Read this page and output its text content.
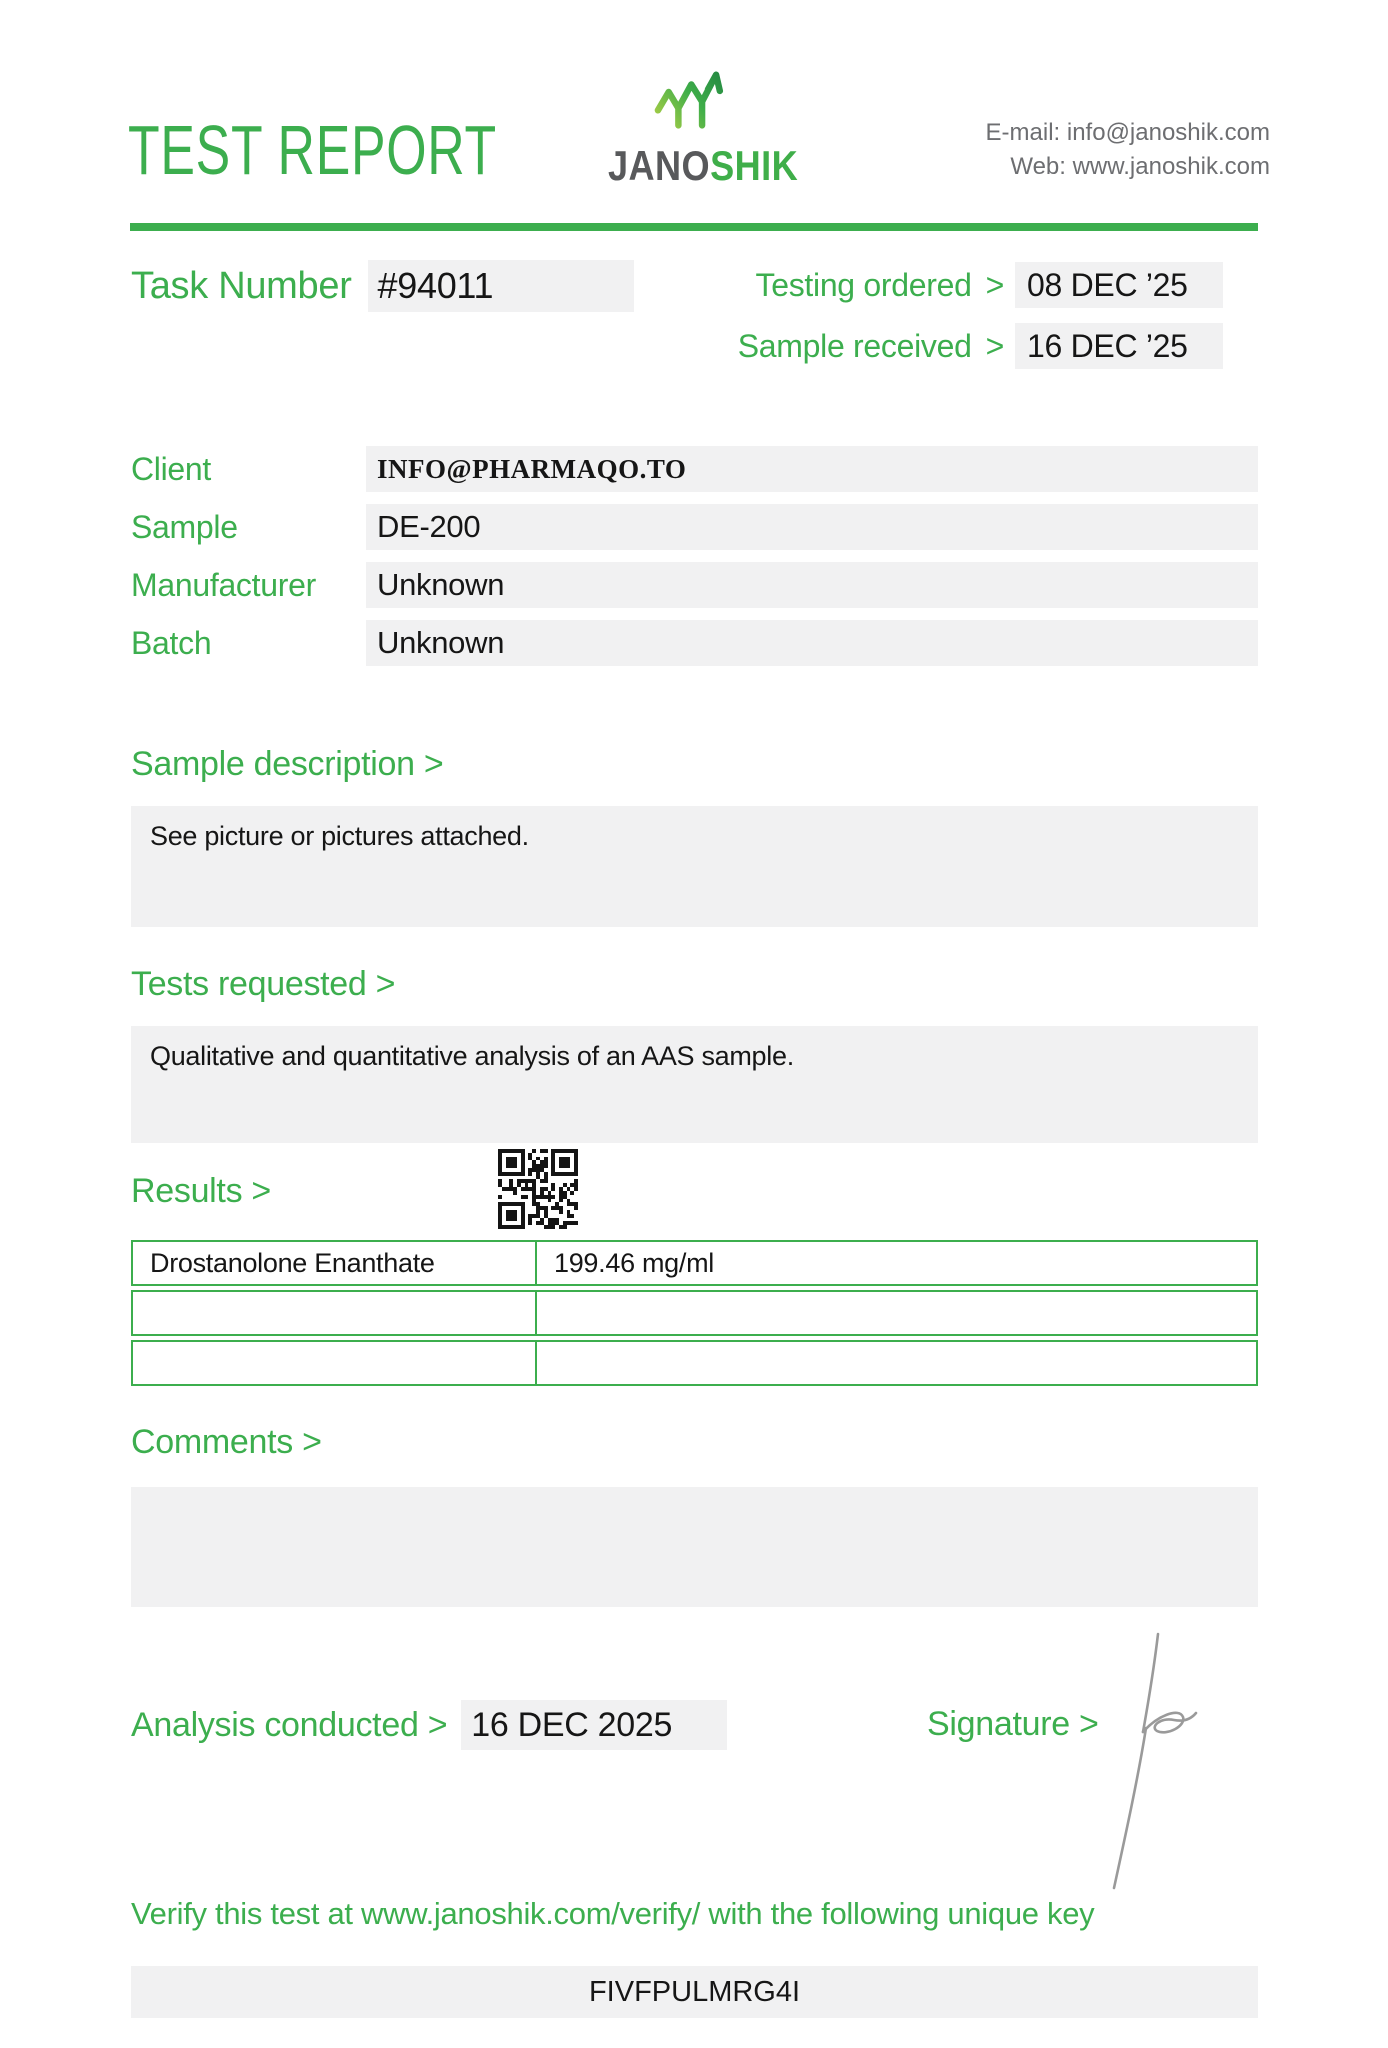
TEST REPORT	JANOSHIK
E-mail: info@janoshik.com
Web: www.janoshik.com
Task Number #94011	Testing ordered > 08 DEC ’25
Sample received > 16 DEC ’25
Client	INFO@PHARMAQO.TO
Sample	DE-200
Manufacturer	Unknown
Batch	Unknown
Sample description >
See picture or pictures attached.
Tests requested >
Qualitative and quantitative analysis of an AAS sample.
Results >
Drostanolone Enanthate	199.46 mg/ml
Comments >
Analysis conducted > 16 DEC 2025	Signature >
Verify this test at www.janoshik.com/verify/ with the following unique key
FIVFPULMRG4I
